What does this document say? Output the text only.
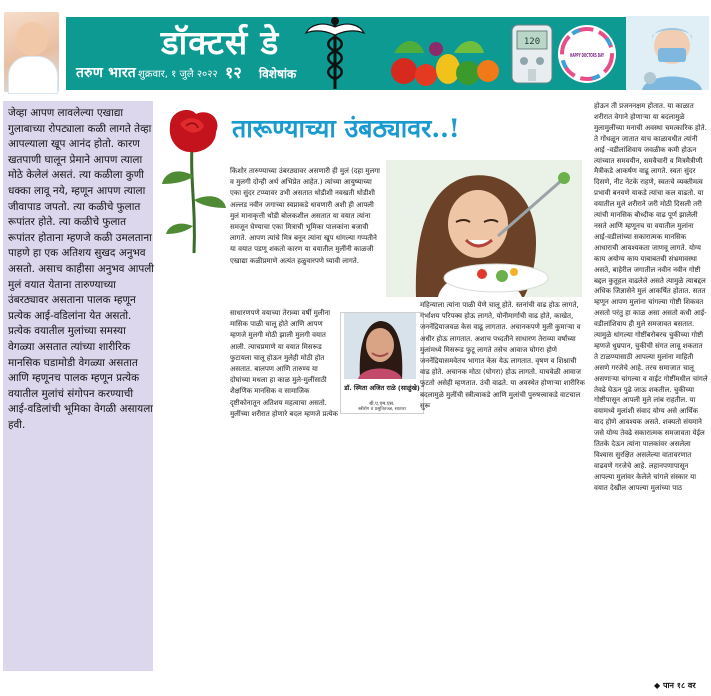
डॉक्टर्स डे
तरुण भारत शुक्रवार, १ जुलै २०२२ १२ विशेषांक
120
HAPPY DOCTORS DAY
जेव्हा आपण लावलेल्या एखाद्या गुलाबाच्या रोपट्याला कळी लागते तेव्हा आपल्याला खूप आनंद होतो. कारण खतपाणी घालून प्रेमाने आपण त्याला मोठे केलेलं असतं. त्या कळीला कुणी धक्का लावू नये, म्हणून आपण त्याला जीवापाड जपतो. त्या कळीचे फुलात रूपांतर होते. त्या कळीचे फुलात रूपांतर होताना म्हणजे कळी उमलताना पाहणे हा एक अतिशय सुखद अनुभव असतो. असाच काहीसा अनुभव आपली मुलं वयात येताना तारुण्याच्या उंबरठ्यावर असताना पालक म्हणून प्रत्येक आई-वडिलांना येत असतो. प्रत्येक वयातील मुलांच्या समस्या वेगळ्या असतात त्यांच्या शारीरिक मानसिक घडामोडी वेगळ्या असतात आणि म्हणूनच पालक म्हणून प्रत्येक वयातील मुलांचं संगोपन करण्याची आई-वडिलांची भूमिका वेगळी असायला हवी.
तारूण्याच्या उंबठ्यावर..!
किशोर तारुण्याच्या उंबरठ्यावर असणारी ही मुलं (दहा मुलगा व मुलगी दोन्ही अर्थ अभिप्रेत आहेत.) त्यांच्या आयुष्याच्या एका सुंदर टप्प्यावर उभी असतात थोडीशी नवखती थोडीशी अल्लड नवीन जगाच्या स्वप्नाकडे धावणारी अशी ही आपली मुलं मानाकृत्ती थोडी बोलकशील असतात या वयात त्यांना समजून घेण्याचा एका मित्राची भूमिका पालकांना बजावी लागते. आपण त्यांचे मित्र बनून त्यांना खूप धांगल्या गप्पतीने या वयात पडणू शकतो कारण या वयातील मुलींनी काळजी एखाद्या कळीप्रमाणे अत्यंत हळुवारपणे घ्यावी लागते.
साधारणपणे वयाच्या तेराव्या वर्षी मुलीना मासिक पाळी चालू होते आणि आपण म्हणजे मुलगी मोठी झाली मुलगी वयात आली. त्याचप्रमाणे या वयात मिसरूड फुटायला चालू होऊन मुलेही मोठी होत असतात. बालपण आणि तारुण्य या दोघांच्या मधला हा काळ मुले-मुलींसाठी शैक्षणिक मानसिक व सामाजिक दृष्टीकोनातून अतिशय महत्वाचा असतो. मुलींच्या शरीरात होणारे बदल म्हणजे प्रत्येक
डॉ. स्मिता अजित राळे (साळुंखे)
बी.ए.एम.एस.
स्त्रीरोग व प्रसूतितज्ज्ञ, सातारा
महिन्याला त्यांना पाळी येणे चालू होते. स्तनांची वाढ होऊ लागते, गर्भाशय परिपक्व होऊ लागते, योनीमार्गाची वाढ होते, काखेत, जननेंद्रियाजवळ केस वाढू लागतात. अचानकपणे मुली कुमाऱ्या व अधीर होऊ लागतात. अशाच पध्दतीने साधारण तेराव्या वर्षांच्या मुलांमध्ये मिसरूड फुटू लागते तसेच आवाज घोगरा होणे जननेंद्रियासमवेतच भागात केस येऊ लागतात. वृषण व शिश्नाची वाढ होते. अचानक मोठा (घोगरा) होऊ लागतो. याचवेळी आवाज फुटतो असेही म्हणतात. उंची वाढते. या अवस्थेत होणाऱ्या शारीरिक बदलामुळे मुलींची स्त्रीत्वाकडे आणि मुलांची पुरुषत्त्वाकडे वाटचाल सुरू
होऊन ती प्रजननक्षम होतात. या काळात शरीरात वेगाने होणाऱ्या या बदलामुळे मुलामुलींच्या मनाची अवस्था चमत्कारिक होते. ते गोंधळून जातात याच काळावधीत त्यांनी आई -वडीलांशिवाय जवळीक कमी होऊन त्यांच्यात समवयीन, समवैचारी व मित्रमैत्रीणी मैत्रीकडे आकर्षण वाढू लागते. स्वतः सुंदर दिसणे, नीट नेटके राहणे, स्वतःचे व्यक्तीमत्व प्रभावी बनवणे याकडे त्यांचा कल वाढतो. या वयातील मुले शरीराने जरी मोठी दिसली तरी त्यांची मानसिक बौध्दीक वाढ पूर्ण झालेली नसते आणि म्हणूनच या वयातील मुलांना आई-वडीलांच्या सकारात्मक मानसिक आधाराची आवश्यकता जाणवू लागते. योग्य काय अयोग्य काय याबाबतची संभ्रमावस्था असते, बाहेरील जगातील नवीन नवीन गोष्टी बद्दल कुतूहल वाढलेले असते त्यामुळे त्याबद्दल अधिक जिज्ञासेने मुलं आकर्षित होतात. सतत म्हणून आपण मुलांना चांगल्या गोष्टी शिकवत असतो परंतु हा काळ असा असतो कधी आई-वडीलांशिवाय ही मुले समजावत बसतात. त्यामुळे धांगल्या गोष्टींबरोबरच चुकीच्या गोष्टी म्हणजे धुम्रपान, चुकीची संगत लावू शकतात ते टाळण्यासाठी आपल्या मुलांना माहिती असणे गरजेचे आहे. तरच समाजात चालू असणाऱ्या चांगल्या व वाईट गोष्टींमधील चांगले तेवढे घेऊन पुढे जाऊ शकतील. चुकीच्या गोष्टीपासून आपली मुले लांब राहतील. या वयामध्ये मुलांशी संवाद योग्य असे आर्थिक वाद होणे आवश्यक असते. शक्यतो संयमाने जसे योग्य तेवढे सकारात्मक समजावता येईल तितके देऊन त्यांना पालकांवर असलेला विश्वास सुरक्षित असलेल्या वातावरणात वाढवणे गरजेचे आहे. लहानपणापासून आपल्या मुलांवर केलेले चांगले संस्कार या वयात देखील आपल्या मुलांच्या पाठ
◆ पान १८ वर
